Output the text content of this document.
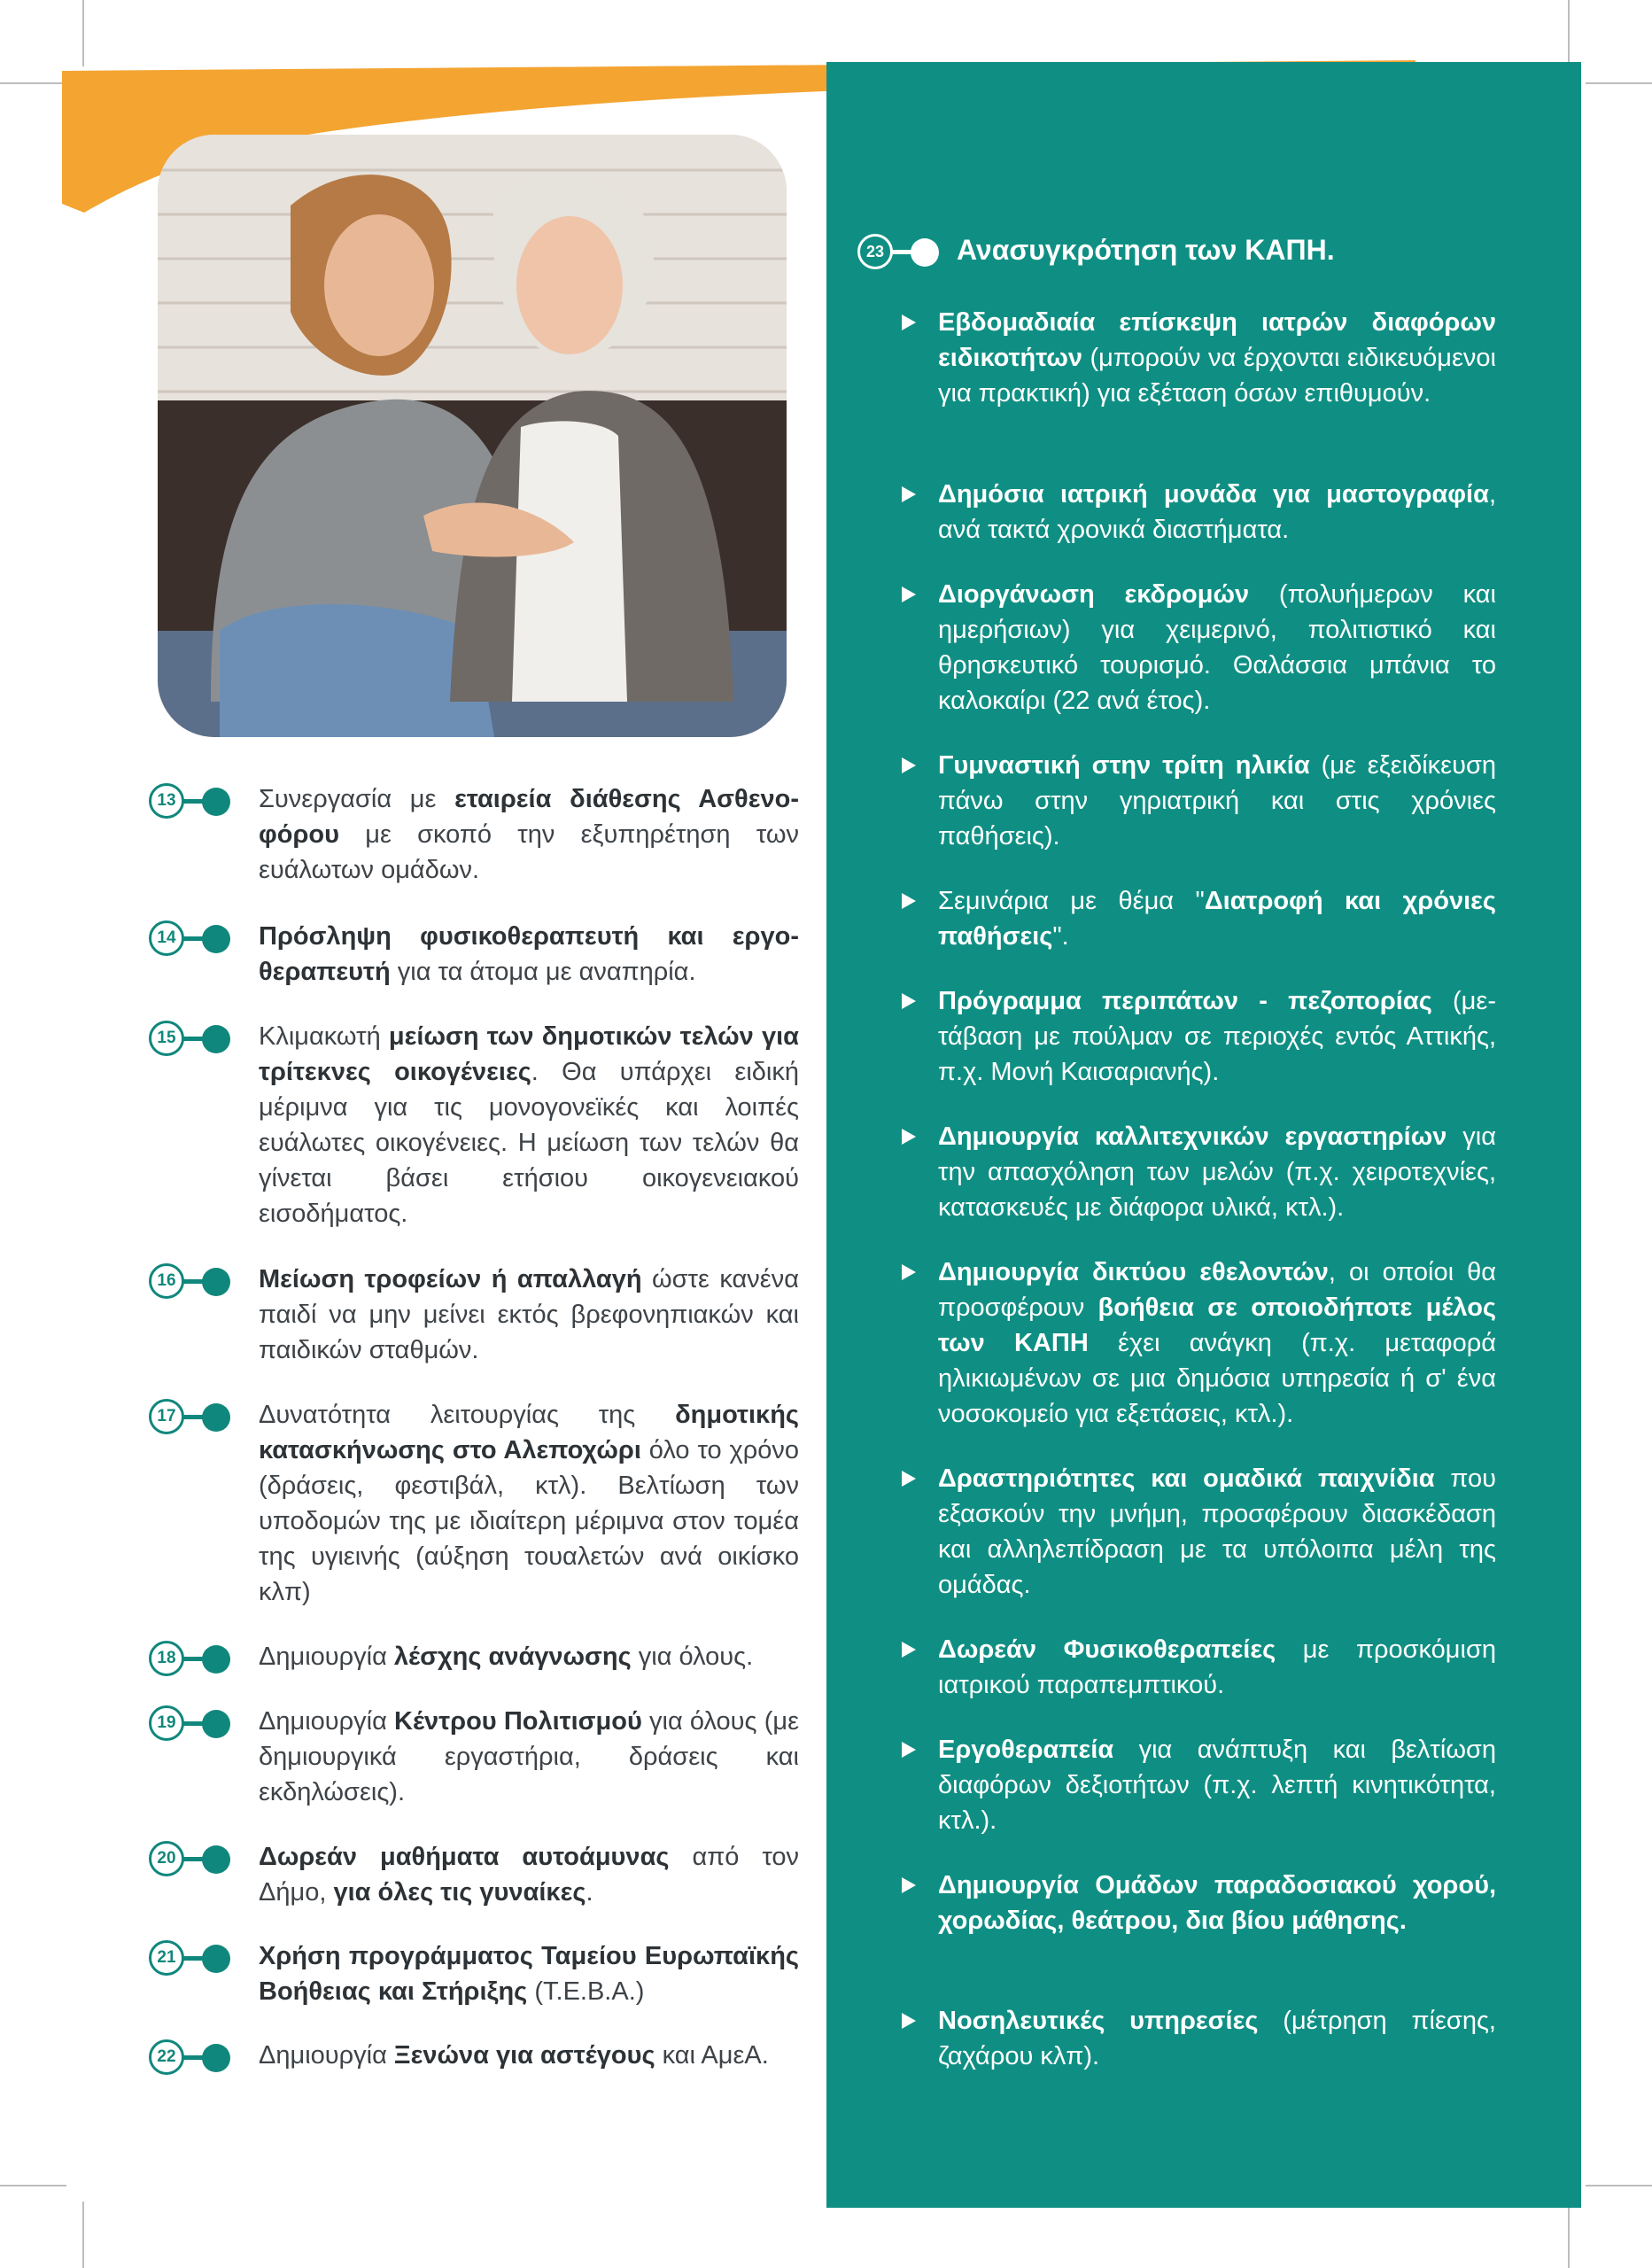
13	Συνεργασία με εταιρεία διάθεσης Ασθενοφόρου με σκοπό την εξυπηρέτηση των ευάλωτων ομάδων.
14	Πρόσληψη φυσικοθεραπευτή και εργοθεραπευτή για τα άτομα με αναπηρία.
15	Κλιμακωτή μείωση των δημοτικών τελών για τρίτεκνες οικογένειες. Θα υπάρχει ειδική μέριμνα για τις μονογονεϊκές και λοιπές ευάλωτες οικογένειες. Η μείωση των τελών θα γίνεται βάσει ετήσιου οικογενειακού εισοδήματος.
16	Μείωση τροφείων ή απαλλαγή ώστε κανένα παιδί να μην μείνει εκτός βρεφονηπιακών και παιδικών σταθμών.
17	Δυνατότητα λειτουργίας της δημοτικής κατασκήνωσης στο Αλεποχώρι όλο το χρόνο (δράσεις, φεστιβάλ, κτλ). Βελτίωση των υποδομών της με ιδιαίτερη μέριμνα στον τομέα της υγιεινής (αύξηση τουαλετών ανά οικίσκο κλπ)
18	Δημιουργία λέσχης ανάγνωσης για όλους.
19	Δημιουργία Κέντρου Πολιτισμού για όλους (με δημιουργικά εργαστήρια, δράσεις και εκδηλώσεις).
20	Δωρεάν μαθήματα αυτοάμυνας από τον Δήμο, για όλες τις γυναίκες.
21	Χρήση προγράμματος Ταμείου Ευρωπαϊκής Βοήθειας και Στήριξης (Τ.Ε.Β.Α.)
22	Δημιουργία Ξενώνα για αστέγους και ΑμεΑ.
23	Ανασυγκρότηση των ΚΑΠΗ.
Εβδομαδιαία επίσκεψη ιατρών διαφόρων ειδικοτήτων (μπορούν να έρχονται ειδικευόμενοι για πρακτική) για εξέταση όσων επιθυμούν.
Δημόσια ιατρική μονάδα για μαστογραφία, ανά τακτά χρονικά διαστήματα.
Διοργάνωση εκδρομών (πολυήμερων και ημερήσιων) για χειμερινό, πολιτιστικό και θρησκευτικό τουρισμό. Θαλάσσια μπάνια το καλοκαίρι (22 ανά έτος).
Γυμναστική στην τρίτη ηλικία (με εξειδίκευση πάνω στην γηριατρική και στις χρόνιες παθήσεις).
Σεμινάρια με θέμα "Διατροφή και χρόνιες παθήσεις".
Πρόγραμμα περιπάτων - πεζοπορίας (μετάβαση με πούλμαν σε περιοχές εντός Αττικής, π.χ. Μονή Καισαριανής).
Δημιουργία καλλιτεχνικών εργαστηρίων για την απασχόληση των μελών (π.χ. χειροτεχνίες, κατασκευές με διάφορα υλικά, κτλ.).
Δημιουργία δικτύου εθελοντών, οι οποίοι θα προσφέρουν βοήθεια σε οποιοδήποτε μέλος των ΚΑΠΗ έχει ανάγκη (π.χ. μεταφορά ηλικιωμένων σε μια δημόσια υπηρεσία ή σ' ένα νοσοκομείο για εξετάσεις, κτλ.).
Δραστηριότητες και ομαδικά παιχνίδια που εξασκούν την μνήμη, προσφέρουν διασκέδαση και αλληλεπίδραση με τα υπόλοιπα μέλη της ομάδας.
Δωρεάν Φυσικοθεραπείες με προσκόμιση ιατρικού παραπεμπτικού.
Εργοθεραπεία για ανάπτυξη και βελτίωση διαφόρων δεξιοτήτων (π.χ. λεπτή κινητικότητα, κτλ.).
Δημιουργία Ομάδων παραδοσιακού χορού, χορωδίας, θεάτρου, δια βίου μάθησης.
Νοσηλευτικές υπηρεσίες (μέτρηση πίεσης, ζαχάρου κλπ).
